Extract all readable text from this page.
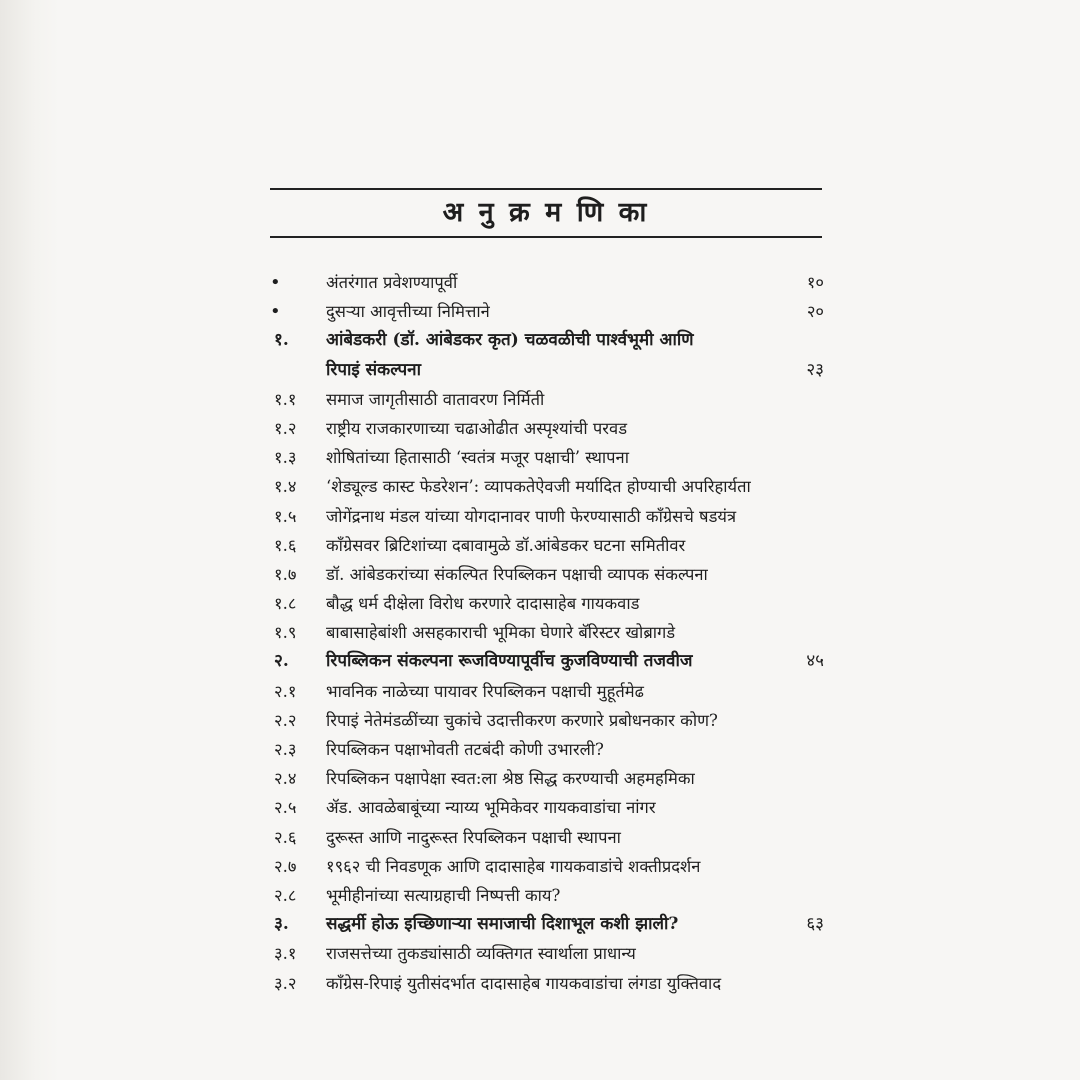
अ नु क्र म णि का
•	अंतरंगात प्रवेशण्यापूर्वी	१०
•	दुसऱ्या आवृत्तीच्या निमित्ताने	२०
१.	आंबेडकरी (डॉ. आंबेडकर कृत) चळवळीची पार्श्वभूमी आणि
रिपाइं संकल्पना	२३
१.१	समाज जागृतीसाठी वातावरण निर्मिती
१.२	राष्ट्रीय राजकारणाच्या चढाओढीत अस्पृश्यांची परवड
१.३	शोषितांच्या हितासाठी ‘स्वतंत्र मजूर पक्षाची’ स्थापना
१.४	‘शेड्यूल्ड कास्ट फेडरेशन’: व्यापकतेऐवजी मर्यादित होण्याची अपरिहार्यता
१.५	जोगेंद्रनाथ मंडल यांच्या योगदानावर पाणी फेरण्यासाठी काँग्रेसचे षडयंत्र
१.६	काँग्रेसवर ब्रिटिशांच्या दबावामुळे डॉ.आंबेडकर घटना समितीवर
१.७	डॉ. आंबेडकरांच्या संकल्पित रिपब्लिकन पक्षाची व्यापक संकल्पना
१.८	बौद्ध धर्म दीक्षेला विरोध करणारे दादासाहेब गायकवाड
१.९	बाबासाहेबांशी असहकाराची भूमिका घेणारे बॅरिस्टर खोब्रागडे
२.	रिपब्लिकन संकल्पना रूजविण्यापूर्वीच कुजविण्याची तजवीज	४५
२.१	भावनिक नाळेच्या पायावर रिपब्लिकन पक्षाची मुहूर्तमेढ
२.२	रिपाइं नेतेमंडळींच्या चुकांचे उदात्तीकरण करणारे प्रबोधनकार कोण?
२.३	रिपब्लिकन पक्षाभोवती तटबंदी कोणी उभारली?
२.४	रिपब्लिकन पक्षापेक्षा स्वत:ला श्रेष्ठ सिद्ध करण्याची अहमहमिका
२.५	ॲड. आवळेबाबूंच्या न्याय्य भूमिकेवर गायकवाडांचा नांगर
२.६	दुरूस्त आणि नादुरूस्त रिपब्लिकन पक्षाची स्थापना
२.७	१९६२ ची निवडणूक आणि दादासाहेब गायकवाडांचे शक्तीप्रदर्शन
२.८	भूमीहीनांच्या सत्याग्रहाची निष्पत्ती काय?
३.	सद्धर्मी होऊ इच्छिणाऱ्या समाजाची दिशाभूल कशी झाली?	६३
३.१	राजसत्तेच्या तुकड्यांसाठी व्यक्तिगत स्वार्थाला प्राधान्य
३.२	काँग्रेस-रिपाइं युतीसंदर्भात दादासाहेब गायकवाडांचा लंगडा युक्तिवाद
